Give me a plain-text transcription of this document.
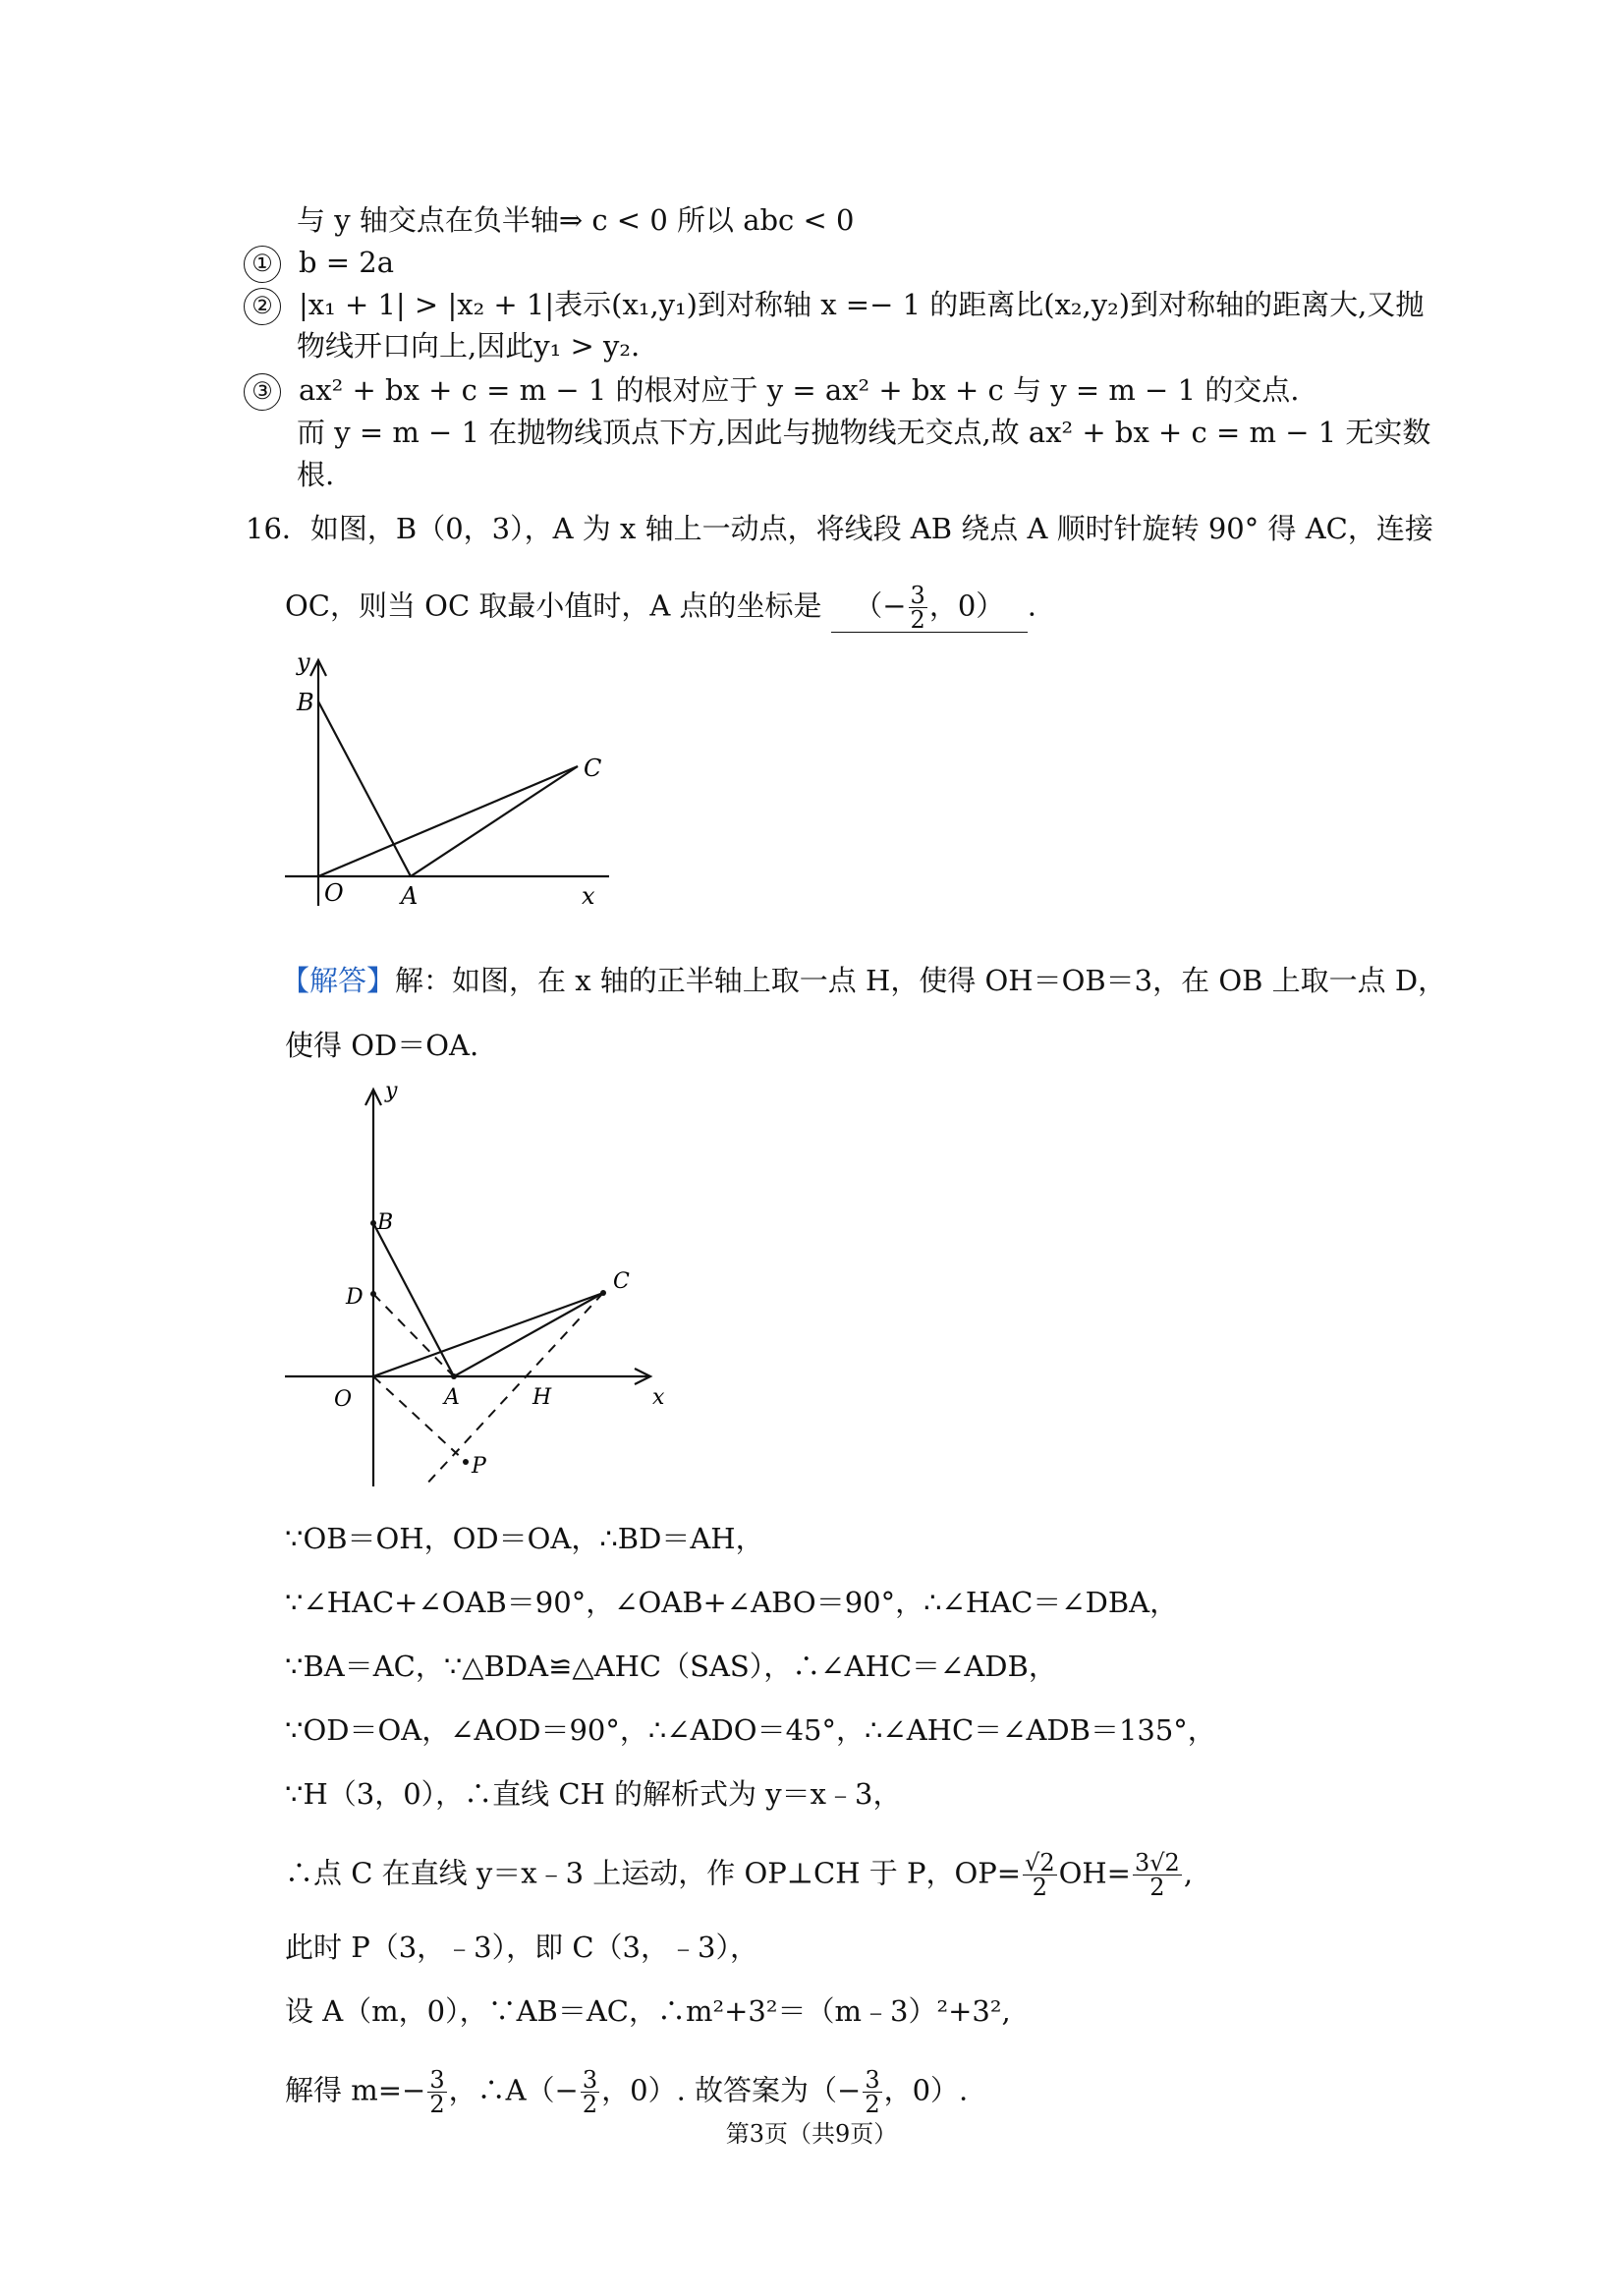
与 y 轴交点在负半轴⇒ c < 0 所以 abc < 0
① b = 2a
② |x₁ + 1| > |x₂ + 1|表示(x₁,y₁)到对称轴 x =− 1 的距离比(x₂,y₂)到对称轴的距离大,又抛
物线开口向上,因此y₁ > y₂.
③ ax² + bx + c = m − 1 的根对应于 y = ax² + bx + c 与 y = m − 1 的交点.
而 y = m − 1 在抛物线顶点下方,因此与抛物线无交点,故 ax² + bx + c = m − 1 无实数
根.
16．如图，B（0，3），A 为 x 轴上一动点，将线段 AB 绕点 A 顺时针旋转 90° 得 AC，连接
OC，则当 OC 取最小值时，A 点的坐标是 （− $\frac{3}{2}$ ，0） .
y
B
C
O A	x
【解答】解：如图，在 x 轴的正半轴上取一点 H，使得 OH＝OB＝3，在 OB 上取一点 D，
使得 OD＝OA.
y
B
D
C
O	A	H	x
P
∵OB＝OH，OD＝OA，∴BD＝AH，
∵∠HAC+∠OAB＝90°，∠OAB+∠ABO＝90°，∴∠HAC＝∠DBA，
∵BA＝AC，∵△BDA≌△AHC（SAS），∴∠AHC＝∠ADB，
∵OD＝OA，∠AOD＝90°，∴∠ADO＝45°，∴∠AHC＝∠ADB＝135°，
∵H（3，0），∴直线 CH 的解析式为 y＝x﹣3，
∴点 C 在直线 y＝x﹣3 上运动，作 OP⊥CH 于 P，$OP= \frac{√2}{2} OH= \frac{3√2}{2}$ ,
此时 P（3，﹣3），即 C（3，﹣3），
设 A（m，0），∵AB＝AC，∴m²+3²＝（m﹣3）²+3²,
解得 $m=- \frac{3}{2}$ ，∴A（− $\frac{3}{2}$ ，0）. 故答案为（− $\frac{3}{2}$ ，0）.
第3页（共9页）
